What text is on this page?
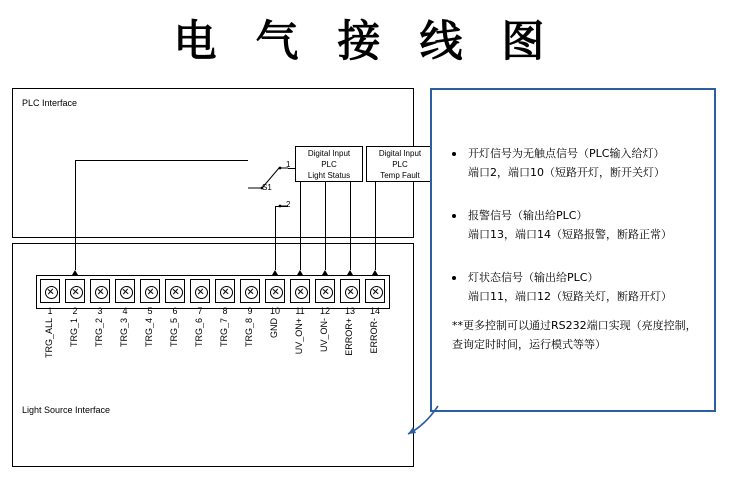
电 气 接 线 图
PLC Interface
Light Source Interface
1
TRG_ALL
2
TRG_1
3
TRG_2
4
TRG_3
5
TRG_4
6
TRG_5
7
TRG_6
8
TRG_7
9
TRG_8
10
GND
11
UV_ON+
12
UV_ON-
13
ERROR+
14
ERROR-
Digital Input
PLC
Light Status
Digital Input
PLC
Temp Fault
S1
1
2
开灯信号为无触点信号（PLC输入给灯）
端口2，端口10（短路开灯，断开关灯）
报警信号（输出给PLC）
端口13，端口14（短路报警，断路正常）
灯状态信号（输出给PLC）
端口11，端口12（短路关灯，断路开灯）
**更多控制可以通过RS232端口实现（亮度控制，
查询定时时间，运行模式等等）
